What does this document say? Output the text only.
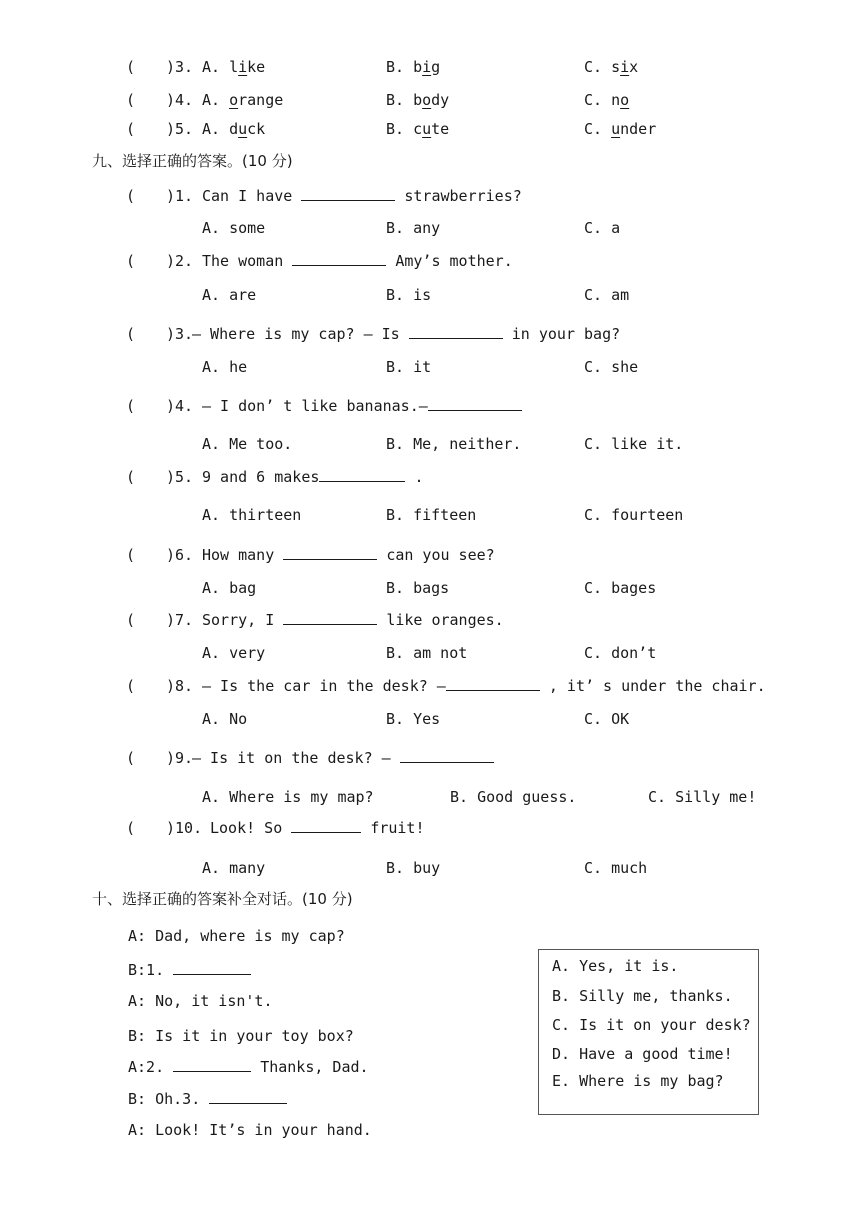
( )3. A. like	B. big	C. six
( )4. A. orange	B. body	C. no
( )5. A. duck	B. cute	C. under
九、选择正确的答案。(10 分)
( )1. Can I have	strawberries?
A. some	B. any	C. a
( )2. The woman	Amy’s mother.
A. are	B. is	C. am
( )3.
— Where is my cap? — Is	in your bag?
A. he	B. it	C. she
( )4. — I don’ t like bananas.—
A. Me too.	B. Me, neither.	C. like it.
( )5. 9 and 6 makes	.
A. thirteen	B. fifteen	C. fourteen
( )6. How many	can you see?
A. bag	B. bags	C. bages
( )7. Sorry, I	like oranges.
A. very	B. am not	C. don’t
( )8. — Is the car in the desk? —	, it’ s under the chair.
A. No	B. Yes	C. OK
( )9.
— Is it on the desk? —
A. Where is my map?	B. Good guess.	C. Silly me!
( )10. Look! So	fruit!
A. many	B. buy	C. much
十、选择正确的答案补全对话。(10 分)
A: Dad, where is my cap?
B:1.
A: No, it isn't.
B: Is it in your toy box?
A:2.	Thanks, Dad.
B: Oh.3.
A: Look! It’s in your hand.
A. Yes, it is.
B. Silly me, thanks.
C. Is it on your desk?
D. Have a good time!
E. Where is my bag?
